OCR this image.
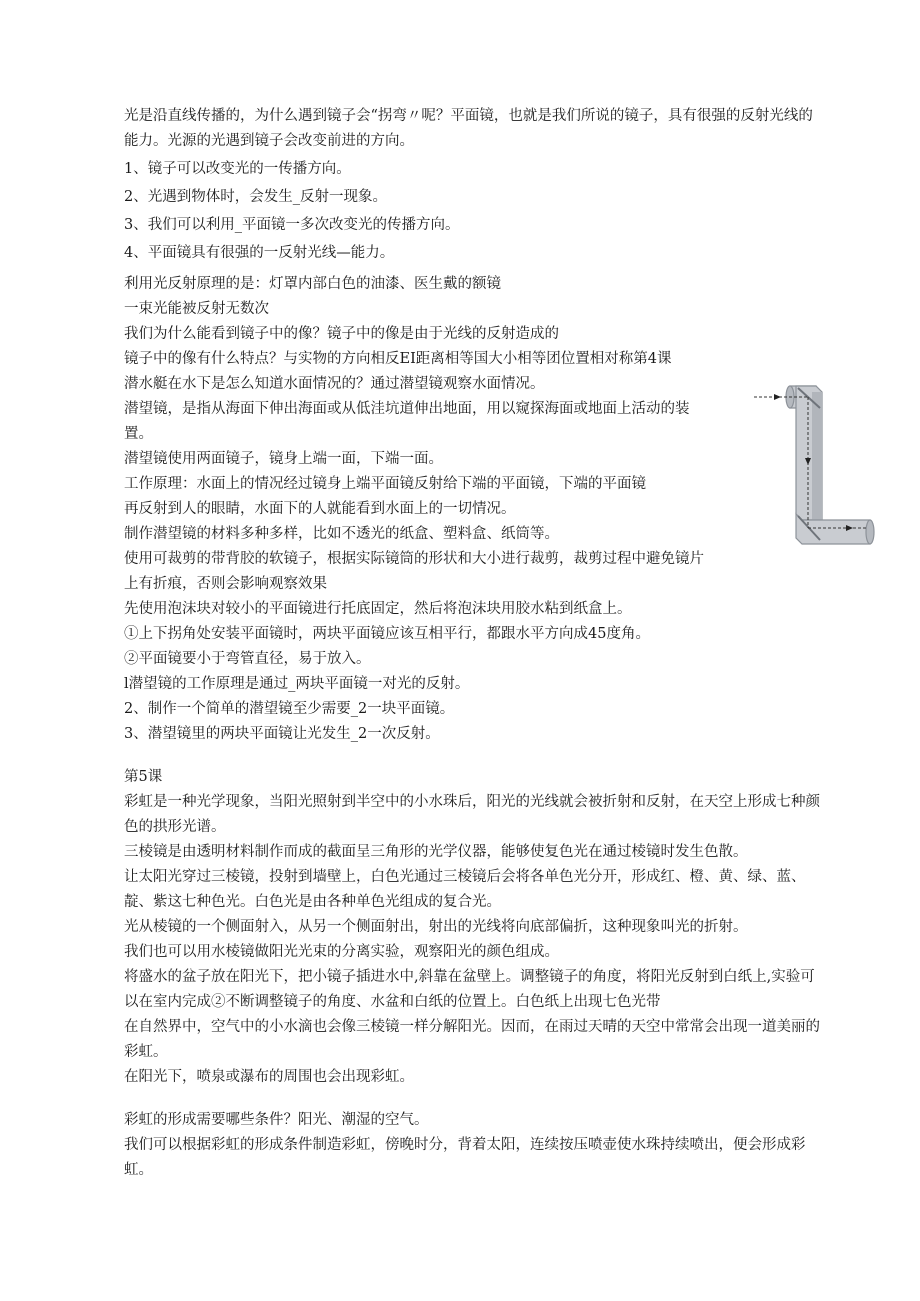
光是沿直线传播的，为什么遇到镜子会“拐弯〃呢？平面镜，也就是我们所说的镜子，具有很强的反射光线的能力。光源的光遇到镜子会改变前进的方向。

1、镜子可以改变光的一传播方向。

2、光遇到物体时，会发生_反射一现象。

3、我们可以利用_平面镜一多次改变光的传播方向。

4、平面镜具有很强的一反射光线—能力。

利用光反射原理的是：灯罩内部白色的油漆、医生戴的额镜

一束光能被反射无数次

我们为什么能看到镜子中的像？镜子中的像是由于光线的反射造成的

镜子中的像有什么特点？与实物的方向相反EI距离相等国大小相等团位置相对称第4课

潜水艇在水下是怎么知道水面情况的？通过潜望镜观察水面情况。

潜望镜，是指从海面下伸出海面或从低洼坑道伸出地面，用以窥探海面或地面上活动的装

置。

潜望镜使用两面镜子，镜身上端一面，下端一面。

工作原理：水面上的情况经过镜身上端平面镜反射给下端的平面镜，下端的平面镜

再反射到人的眼睛，水面下的人就能看到水面上的一切情况。

制作潜望镜的材料多种多样，比如不透光的纸盒、塑料盒、纸筒等。

使用可裁剪的带背胶的软镜子，根据实际镜筒的形状和大小进行裁剪，裁剪过程中避免镜片

上有折痕，否则会影响观察效果

先使用泡沫块对较小的平面镜进行托底固定，然后将泡沫块用胶水粘到纸盒上。

①上下拐角处安装平面镜时，两块平面镜应该互相平行，都跟水平方向成45度角。

②平面镜要小于弯管直径，易于放入。

l潜望镜的工作原理是通过_两块平面镜一对光的反射。

2、制作一个简单的潜望镜至少需要_2一块平面镜。

3、潜望镜里的两块平面镜让光发生_2一次反射。

第5课

彩虹是一种光学现象，当阳光照射到半空中的小水珠后，阳光的光线就会被折射和反射，在天空上形成七种颜色的拱形光谱。

三棱镜是由透明材料制作而成的截面呈三角形的光学仪器，能够使复色光在通过棱镜时发生色散。

让太阳光穿过三棱镜，投射到墙壁上，白色光通过三棱镜后会将各单色光分开，形成红、橙、黄、绿、蓝、靛、紫这七种色光。白色光是由各种单色光组成的复合光。

光从棱镜的一个侧面射入，从另一个侧面射出，射出的光线将向底部偏折，这种现象叫光的折射。

我们也可以用水棱镜做阳光光束的分离实验，观察阳光的颜色组成。

将盛水的盆子放在阳光下，把小镜子插进水中,斜靠在盆壁上。调整镜子的角度，将阳光反射到白纸上,实验可以在室内完成②不断调整镜子的角度、水盆和白纸的位置上。白色纸上出现七色光带

在自然界中，空气中的小水滴也会像三棱镜一样分解阳光。因而，在雨过天晴的天空中常常会出现一道美丽的彩虹。

在阳光下，喷泉或瀑布的周围也会出现彩虹。

彩虹的形成需要哪些条件？阳光、潮湿的空气。

我们可以根据彩虹的形成条件制造彩虹，傍晚时分，背着太阳，连续按压喷壶使水珠持续喷出，便会形成彩虹。
